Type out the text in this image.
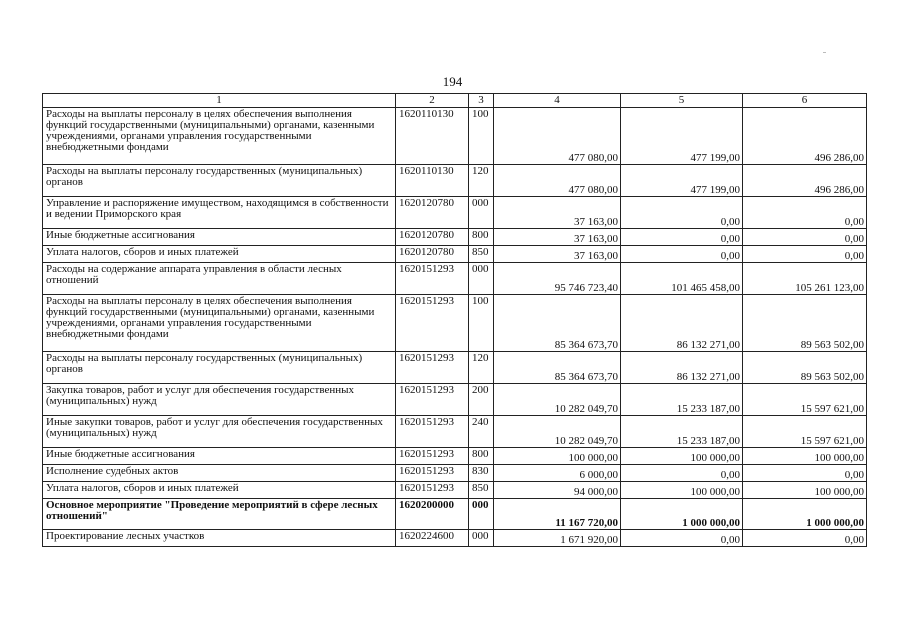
194
1	2	3	4	5	6
Расходы на выплаты персоналу в целях обеспечения выполнения функций государственными (муниципальными) органами, казенными учреждениями, органами управления государственными внебюджетными фондами	1620110130	100	477 080,00	477 199,00	496 286,00
Расходы на выплаты персоналу государственных (муниципальных) органов	1620110130	120	477 080,00	477 199,00	496 286,00
Управление и распоряжение имуществом, находящимся в собственности и ведении Приморского края	1620120780	000	37 163,00	0,00	0,00
Иные бюджетные ассигнования	1620120780	800	37 163,00	0,00	0,00
Уплата налогов, сборов и иных платежей	1620120780	850	37 163,00	0,00	0,00
Расходы на содержание аппарата управления в области лесных отношений	1620151293	000	95 746 723,40	101 465 458,00	105 261 123,00
Расходы на выплаты персоналу в целях обеспечения выполнения функций государственными (муниципальными) органами, казенными учреждениями, органами управления государственными внебюджетными фондами	1620151293	100	85 364 673,70	86 132 271,00	89 563 502,00
Расходы на выплаты персоналу государственных (муниципальных) органов	1620151293	120	85 364 673,70	86 132 271,00	89 563 502,00
Закупка товаров, работ и услуг для обеспечения государственных (муниципальных) нужд	1620151293	200	10 282 049,70	15 233 187,00	15 597 621,00
Иные закупки товаров, работ и услуг для обеспечения государственных (муниципальных) нужд	1620151293	240	10 282 049,70	15 233 187,00	15 597 621,00
Иные бюджетные ассигнования	1620151293	800	100 000,00	100 000,00	100 000,00
Исполнение судебных актов	1620151293	830	6 000,00	0,00	0,00
Уплата налогов, сборов и иных платежей	1620151293	850	94 000,00	100 000,00	100 000,00
Основное мероприятие "Проведение мероприятий в сфере лесных отношений"	1620200000	000	11 167 720,00	1 000 000,00	1 000 000,00
Проектирование лесных участков	1620224600	000	1 671 920,00	0,00	0,00
